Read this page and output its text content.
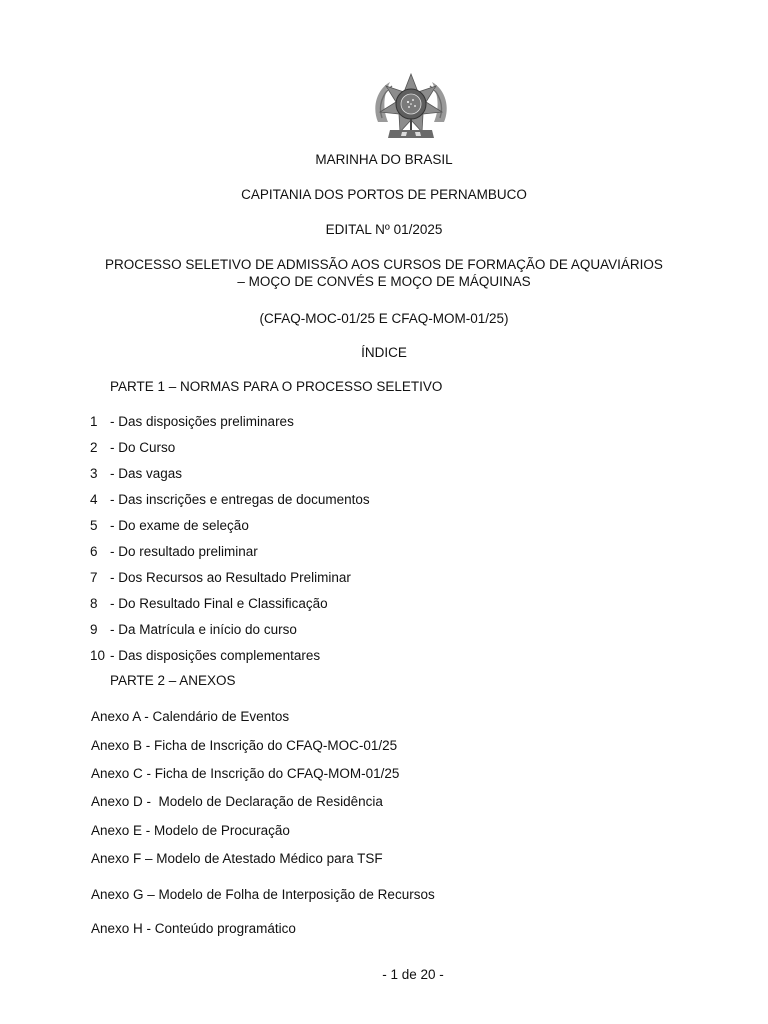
MARINHA DO BRASIL
CAPITANIA DOS PORTOS DE PERNAMBUCO
EDITAL Nº 01/2025
PROCESSO SELETIVO DE ADMISSÃO AOS CURSOS DE FORMAÇÃO DE AQUAVIÁRIOS
– MOÇO DE CONVÉS E MOÇO DE MÁQUINAS
(CFAQ-MOC-01/25 E CFAQ-MOM-01/25)
ÍNDICE
PARTE 1 – NORMAS PARA O PROCESSO SELETIVO
1 - Das disposições preliminares
2 - Do Curso
3 - Das vagas
4 - Das inscrições e entregas de documentos
5 - Do exame de seleção
6 - Do resultado preliminar
7 - Dos Recursos ao Resultado Preliminar
8 - Do Resultado Final e Classificação
9 - Da Matrícula e início do curso
10 - Das disposições complementares
PARTE 2 – ANEXOS
Anexo A - Calendário de Eventos
Anexo B - Ficha de Inscrição do CFAQ-MOC-01/25
Anexo C - Ficha de Inscrição do CFAQ-MOM-01/25
Anexo D -  Modelo de Declaração de Residência
Anexo E - Modelo de Procuração
Anexo F – Modelo de Atestado Médico para TSF
Anexo G – Modelo de Folha de Interposição de Recursos
Anexo H - Conteúdo programático
- 1 de 20 -
